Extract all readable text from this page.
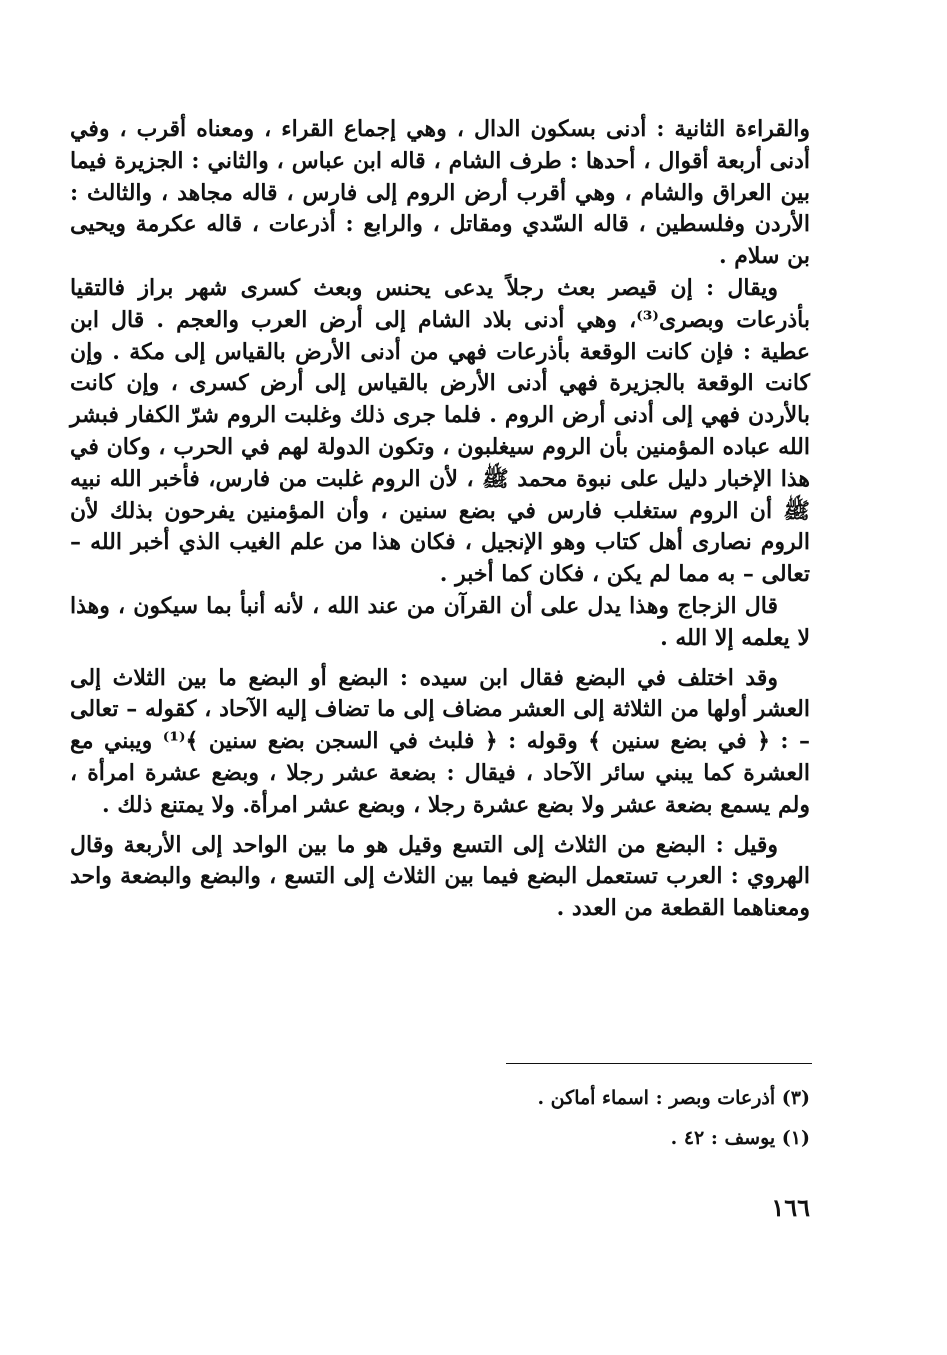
والقراءة الثانية : أدنى بسكون الدال ، وهي إجماع القراء ، ومعناه أقرب ، وفي أدنى أربعة أقوال ، أحدها : طرف الشام ، قاله ابن عباس ، والثاني : الجزيرة فيما بين العراق والشام ، وهي أقرب أرض الروم إلى فارس ، قاله مجاهد ، والثالث : الأردن وفلسطين ، قاله السّدي ومقاتل ، والرابع : أذرعات ، قاله عكرمة ويحيى بن سلام .

ويقال : إن قيصر بعث رجلاً يدعى يحنس وبعث كسرى شهر براز فالتقيا بأذرعات وبصرى⁽³⁾، وهي أدنى بلاد الشام إلى أرض العرب والعجم . قال ابن عطية : فإن كانت الوقعة بأذرعات فهي من أدنى الأرض بالقياس إلى مكة . وإن كانت الوقعة بالجزيرة فهي أدنى الأرض بالقياس إلى أرض كسرى ، وإن كانت بالأردن فهي إلى أدنى أرض الروم . فلما جرى ذلك وغلبت الروم شرّ الكفار فبشر الله عباده المؤمنين بأن الروم سيغلبون ، وتكون الدولة لهم في الحرب ، وكان في هذا الإخبار دليل على نبوة محمد ﷺ ، لأن الروم غلبت من فارس، فأخبر الله نبيه ﷺ أن الروم ستغلب فارس في بضع سنين ، وأن المؤمنين يفرحون بذلك لأن الروم نصارى أهل كتاب وهو الإنجيل ، فكان هذا من علم الغيب الذي أخبر الله – تعالى – به مما لم يكن ، فكان كما أخبر .

قال الزجاج وهذا يدل على أن القرآن من عند الله ، لأنه أنبأ بما سيكون ، وهذا لا يعلمه إلا الله .

وقد اختلف في البضع فقال ابن سيده : البضع أو البضع ما بين الثلاث إلى العشر أولها من الثلاثة إلى العشر مضاف إلى ما تضاف إليه الآحاد ، كقوله – تعالى – : ﴿ في بضع سنين ﴾ وقوله : ﴿ فلبث في السجن بضع سنين ﴾⁽¹⁾ ويبني مع العشرة كما يبني سائر الآحاد ، فيقال : بضعة عشر رجلا ، وبضع عشرة امرأة ، ولم يسمع بضعة عشر ولا بضع عشرة رجلا ، وبضع عشر امرأة. ولا يمتنع ذلك .

وقيل : البضع من الثلاث إلى التسع وقيل هو ما بين الواحد إلى الأربعة وقال الهروي : العرب تستعمل البضع فيما بين الثلاث إلى التسع ، والبضع والبضعة واحد ومعناهما القطعة من العدد .

(٣) أذرعات وبصر : اسماء أماكن .

(١) يوسف : ٤٢ .

١٦٦
